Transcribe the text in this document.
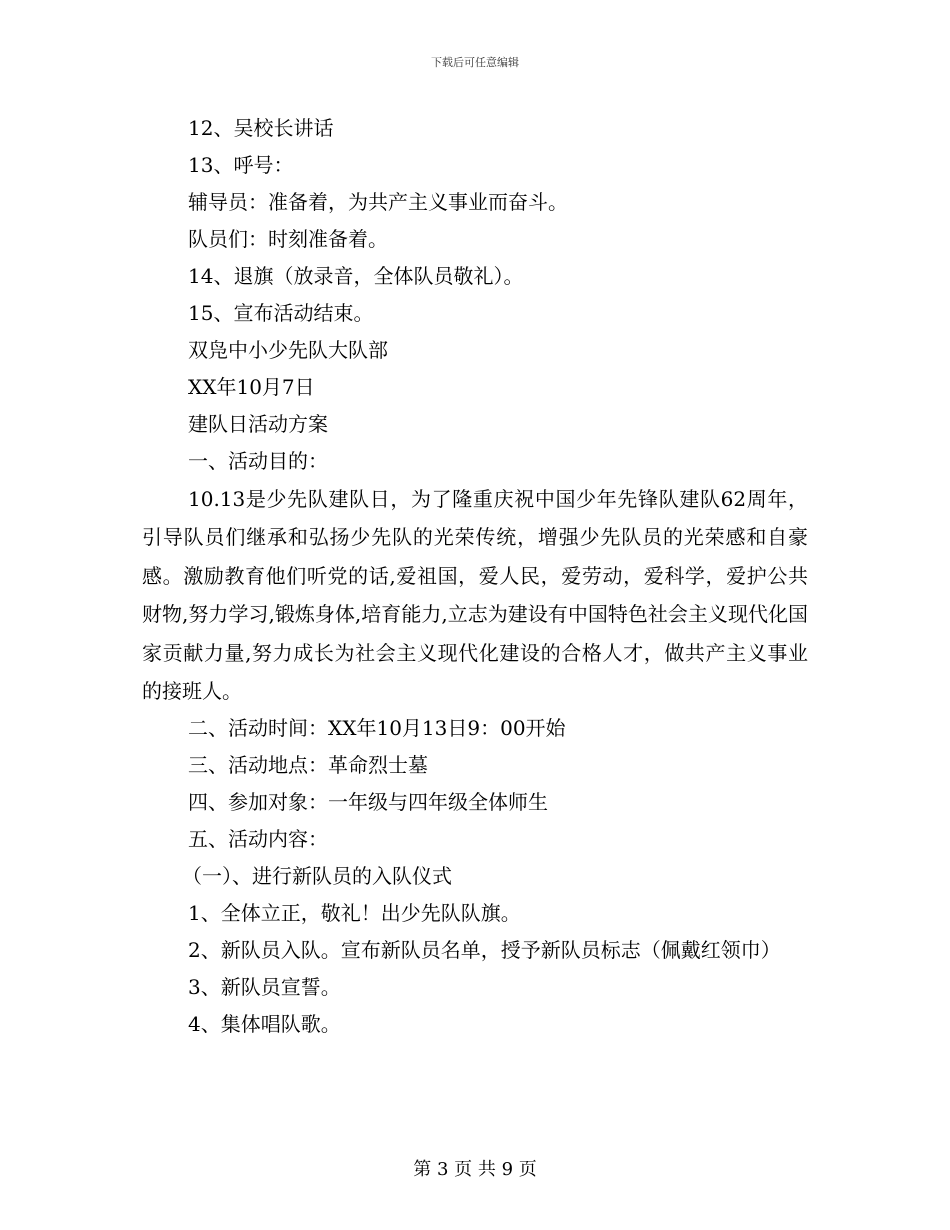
下载后可任意编辑
12、吴校长讲话
13、呼号：
辅导员：准备着，为共产主义事业而奋斗。
队员们：时刻准备着。
14、退旗（放录音，全体队员敬礼）。
15、宣布活动结束。
双凫中小少先队大队部
XX年10月7日
建队日活动方案
一、活动目的：
10.13是少先队建队日，为了隆重庆祝中国少年先锋队建队62周年，引导队员们继承和弘扬少先队的光荣传统，增强少先队员的光荣感和自豪感。激励教育他们听党的话,爱祖国，爱人民，爱劳动，爱科学，爱护公共财物,努力学习,锻炼身体,培育能力,立志为建设有中国特色社会主义现代化国家贡献力量,努力成长为社会主义现代化建设的合格人才，做共产主义事业的接班人。
二、活动时间：XX年10月13日9：00开始
三、活动地点：革命烈士墓
四、参加对象：一年级与四年级全体师生
五、活动内容：
（一）、进行新队员的入队仪式
1、全体立正，敬礼！出少先队队旗。
2、新队员入队。宣布新队员名单，授予新队员标志（佩戴红领巾）
3、新队员宣誓。
4、集体唱队歌。
第 3 页 共 9 页
